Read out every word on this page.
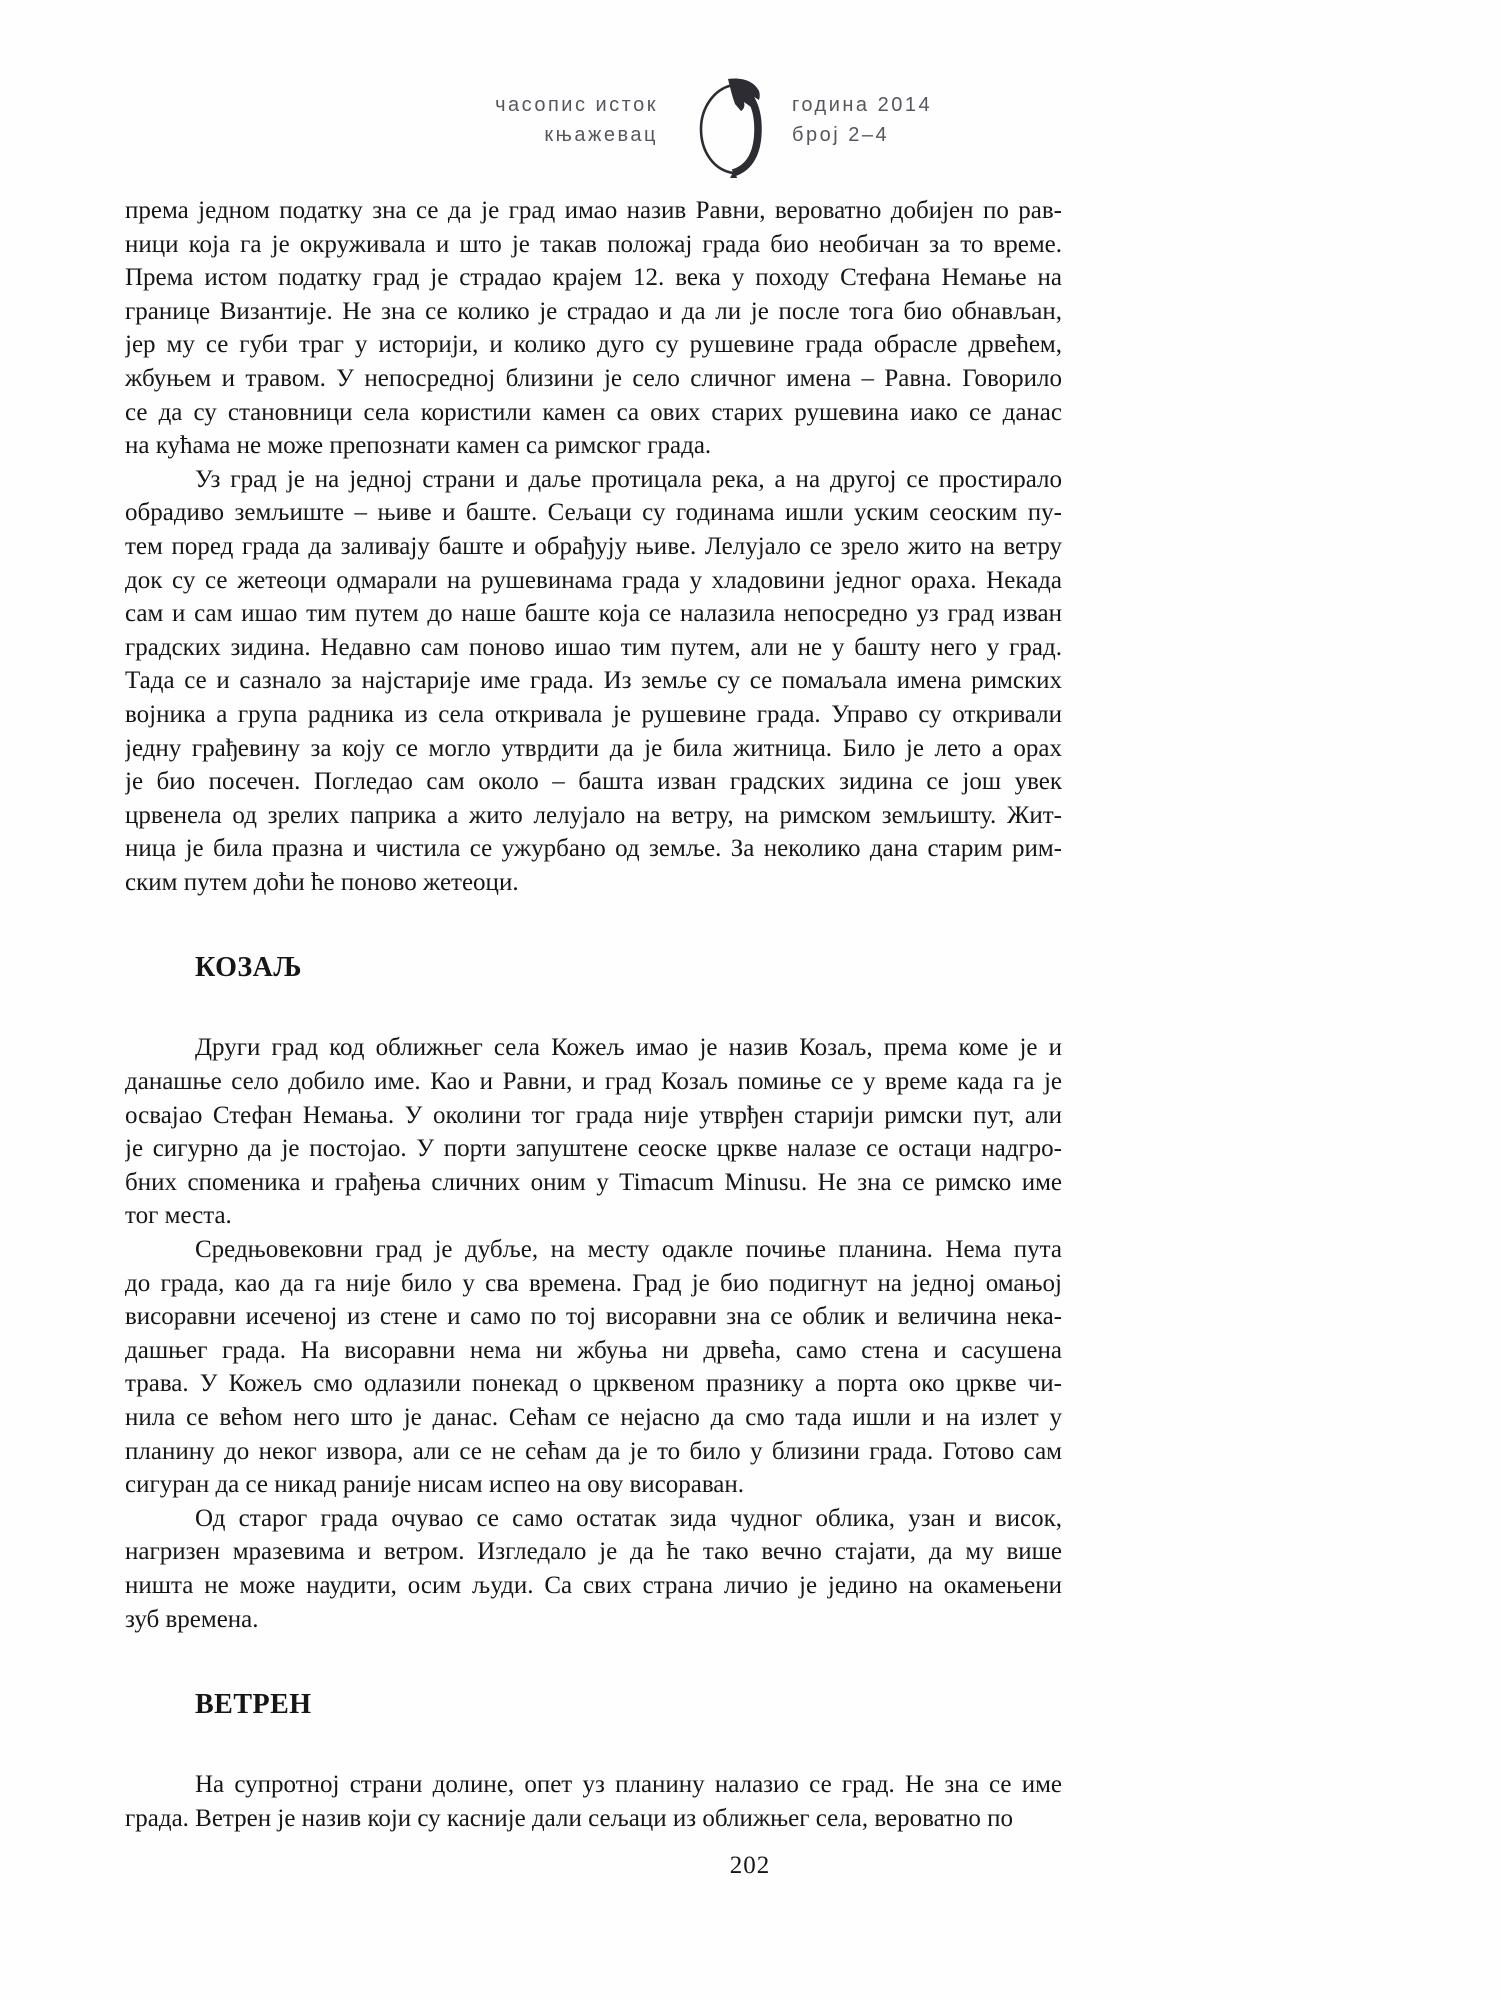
часопис исток
књажевац
година 2014
број 2–4
према једном податку зна се да је град имао назив Равни, вероватно добијен по рав-
ници која га је окруживала и што је такав положај града био необичан за то време.
Према истом податку град је страдао крајем 12. века у походу Стефана Немање на
границе Византије. Не зна се колико је страдао и да ли је после тога био обнављан,
јер му се губи траг у историји, и колико дуго су рушевине града обрасле дрвећем,
жбуњем и травом. У непосредној близини је село сличног имена – Равна. Говорило
се да су становници села користили камен са ових старих рушевина иако се данас
на кућама не може препознати камен са римског града.
Уз град је на једној страни и даље протицала река, а на другој се простирало
обрадиво земљиште – њиве и баште. Сељаци су годинама ишли уским сеоским пу-
тем поред града да заливају баште и обрађују њиве. Лелујало се зрело жито на ветру
док су се жетеоци одмарали на рушевинама града у хладовини једног ораха. Некада
сам и сам ишао тим путем до наше баште која се налазила непосредно уз град изван
градских зидина. Недавно сам поново ишао тим путем, али не у башту него у град.
Тада се и сазнало за најстарије име града. Из земље су се помаљала имена римских
војника а група радника из села откривала је рушевине града. Управо су откривали
једну грађевину за коју се могло утврдити да је била житница. Било је лето а орах
је био посечен. Погледао сам около – башта изван градских зидина се још увек
црвенела од зрелих паприка а жито лелујало на ветру, на римском земљишту. Жит-
ница је била празна и чистила се ужурбано од земље. За неколико дана старим рим-
ским путем доћи ће поново жетеоци.
КОЗАЉ
Други град код оближњег села Кожељ имао је назив Козаљ, према коме је и
данашње село добило име. Као и Равни, и град Козаљ помиње се у време када га је
освајао Стефан Немања. У околини тог града није утврђен старији римски пут, али
је сигурно да је постојао. У порти запуштене сеоске цркве налазе се остаци надгро-
бних споменика и грађења сличних оним у Timacum Minusu. Не зна се римско име
тог места.
Средњовековни град је дубље, на месту одакле почиње планина. Нема пута
до града, као да га није било у сва времена. Град је био подигнут на једној омањој
висоравни исеченој из стене и само по тој висоравни зна се облик и величина нека-
дашњег града. На висоравни нема ни жбуња ни дрвећа, само стена и сасушена
трава. У Кожељ смо одлазили понекад о црквеном празнику а порта око цркве чи-
нила се већом него што је данас. Сећам се нејасно да смо тада ишли и на излет у
планину до неког извора, али се не сећам да је то било у близини града. Готово сам
сигуран да се никад раније нисам испео на ову висораван.
Од старог града очувао се само остатак зида чудног облика, узан и висок,
нагризен мразевима и ветром. Изгледало је да ће тако вечно стајати, да му више
ништа не може наудити, осим људи. Са свих страна личио је једино на окамењени
зуб времена.
ВЕТРЕН
На супротној страни долине, опет уз планину налазио се град. Не зна се име
града. Ветрен је назив који су касније дали сељаци из оближњег села, вероватно по
202
